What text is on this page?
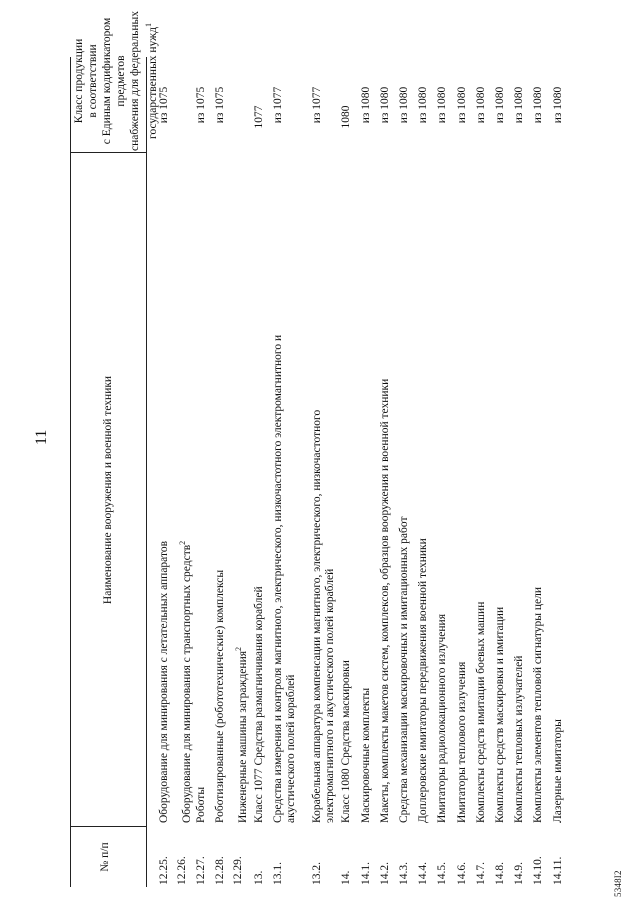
11
5348I2
№ п/п
Наименование вооружения и военной техники
Класс продукции в соответствии с Единым кодификатором предметов снабжения для федеральных государственных нужд$^1$
12.25.
Оборудование для минирования с летательных аппаратов
из 1075
12.26.
Оборудование для минирования с транспортных средств$^2$
12.27.
Роботы
из 1075
12.28.
Роботизированные (робототехнические) комплексы
из 1075
12.29.
Инженерные машины заграждения$^2$
13.
Класс 1077 Средства размагничивания кораблей
1077
13.1.
Средства измерения и контроля магнитного, электрического, низкочастотного электромагнитного и акустического полей кораблей
из 1077
13.2.
Корабельная аппаратура компенсации магнитного, электрического, низкочастотного электромагнитного и акустического полей кораблей
из 1077
14.
Класс 1080 Средства маскировки
1080
14.1.
Маскировочные комплекты
из 1080
14.2.
Макеты, комплекты макетов систем, комплексов, образцов вооружения и военной техники
из 1080
14.3.
Средства механизации маскировочных и имитационных работ
из 1080
14.4.
Доплеровские имитаторы передвижения военной техники
из 1080
14.5.
Имитаторы радиолокационного излучения
из 1080
14.6.
Имитаторы теплового излучения
из 1080
14.7.
Комплекты средств имитации боевых машин
из 1080
14.8.
Комплекты средств маскировки и имитации
из 1080
14.9.
Комплекты тепловых излучателей
из 1080
14.10.
Комплекты элементов тепловой сигнатуры цели
из 1080
14.11.
Лазерные имитаторы
из 1080
